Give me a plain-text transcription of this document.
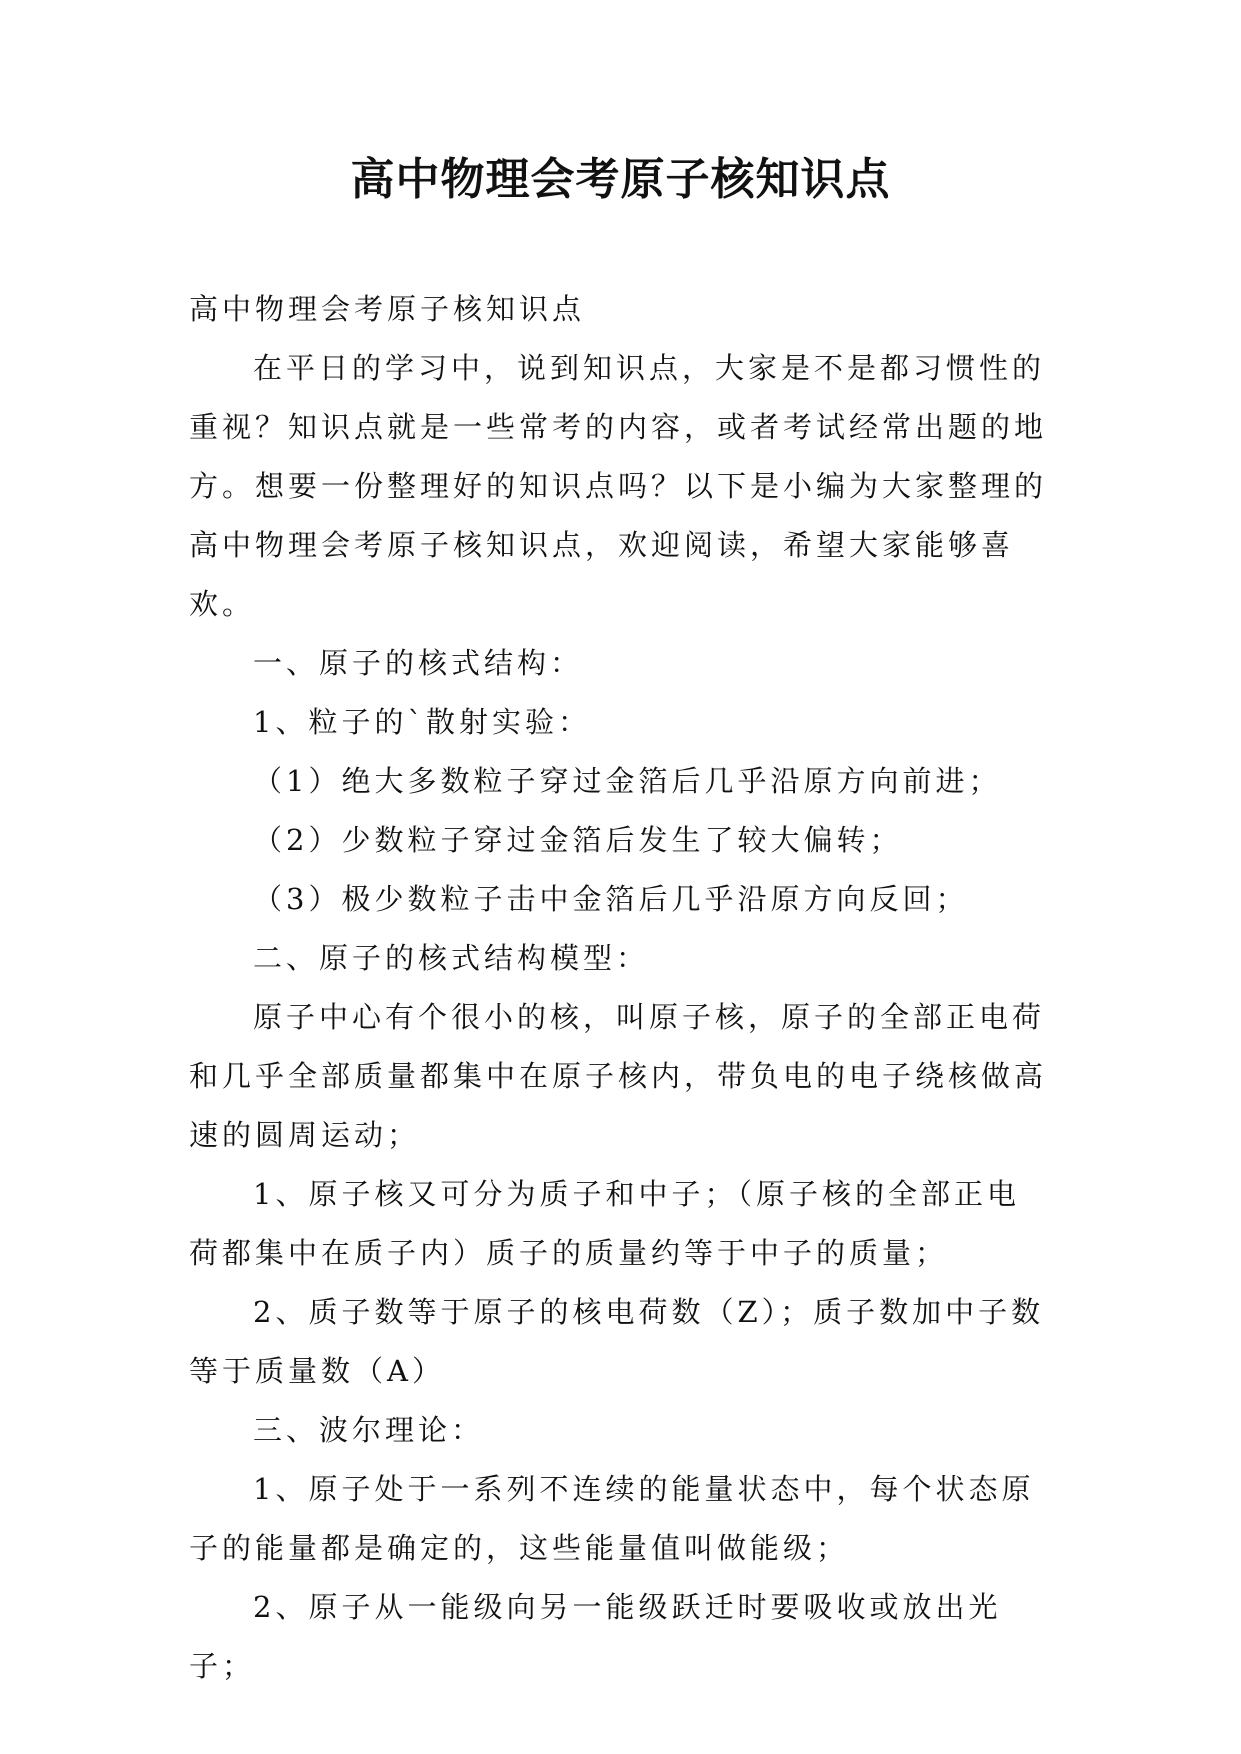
高中物理会考原子核知识点

高中物理会考原子核知识点

在平日的学习中，说到知识点，大家是不是都习惯性的重视？知识点就是一些常考的内容，或者考试经常出题的地方。想要一份整理好的知识点吗？以下是小编为大家整理的高中物理会考原子核知识点，欢迎阅读，希望大家能够喜欢。

一、原子的核式结构：

1、粒子的`散射实验：

（1）绝大多数粒子穿过金箔后几乎沿原方向前进；

（2）少数粒子穿过金箔后发生了较大偏转；

（3）极少数粒子击中金箔后几乎沿原方向反回；

二、原子的核式结构模型：

原子中心有个很小的核，叫原子核，原子的全部正电荷和几乎全部质量都集中在原子核内，带负电的电子绕核做高速的圆周运动；

1、原子核又可分为质子和中子；（原子核的全部正电荷都集中在质子内）质子的质量约等于中子的质量；

2、质子数等于原子的核电荷数（Z）；质子数加中子数等于质量数（A）

三、波尔理论：

1、原子处于一系列不连续的能量状态中，每个状态原子的能量都是确定的，这些能量值叫做能级；

2、原子从一能级向另一能级跃迁时要吸收或放出光子；
